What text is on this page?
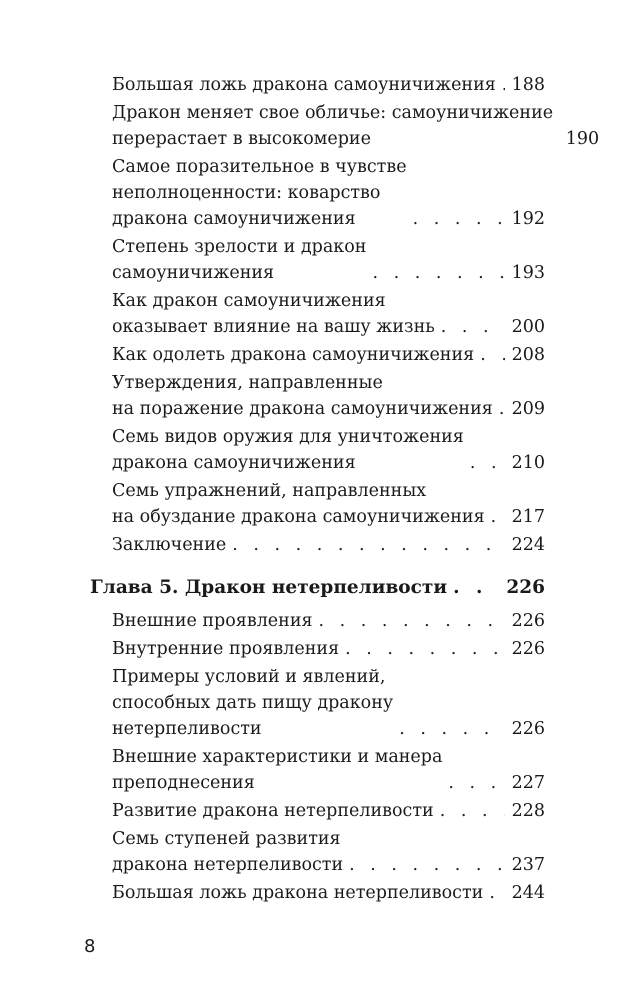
Большая ложь дракона самоуничижения . . . 188
Дракон меняет свое обличье: самоуничижение
перерастает в высокомерие	190
Самое поразительное в чувстве
неполноценности: коварство
дракона самоуничижения . . .	192
Степень зрелости и дракон
самоуничижения . . .	193
Как дракон самоуничижения
оказывает влияние на вашу жизнь . . .	200
Как одолеть дракона самоуничижения . . . 208
Утверждения, направленные
на поражение дракона самоуничижения . . . 209
Семь видов оружия для уничтожения
дракона самоуничижения . . .	210
Семь упражнений, направленных
на обуздание дракона самоуничижения . . . 217
Заключение . . .	224
Глава 5. Дракон нетерпеливости . . .	226
Внешние проявления . . .	226
Внутренние проявления . . .	226
Примеры условий и явлений,
способных дать пищу дракону
нетерпеливости . . .	226
Внешние характеристики и манера
преподнесения . . .	227
Развитие дракона нетерпеливости . . .	228
Семь ступеней развития
дракона нетерпеливости . . .	237
Большая ложь дракона нетерпеливости . . . 244
8
